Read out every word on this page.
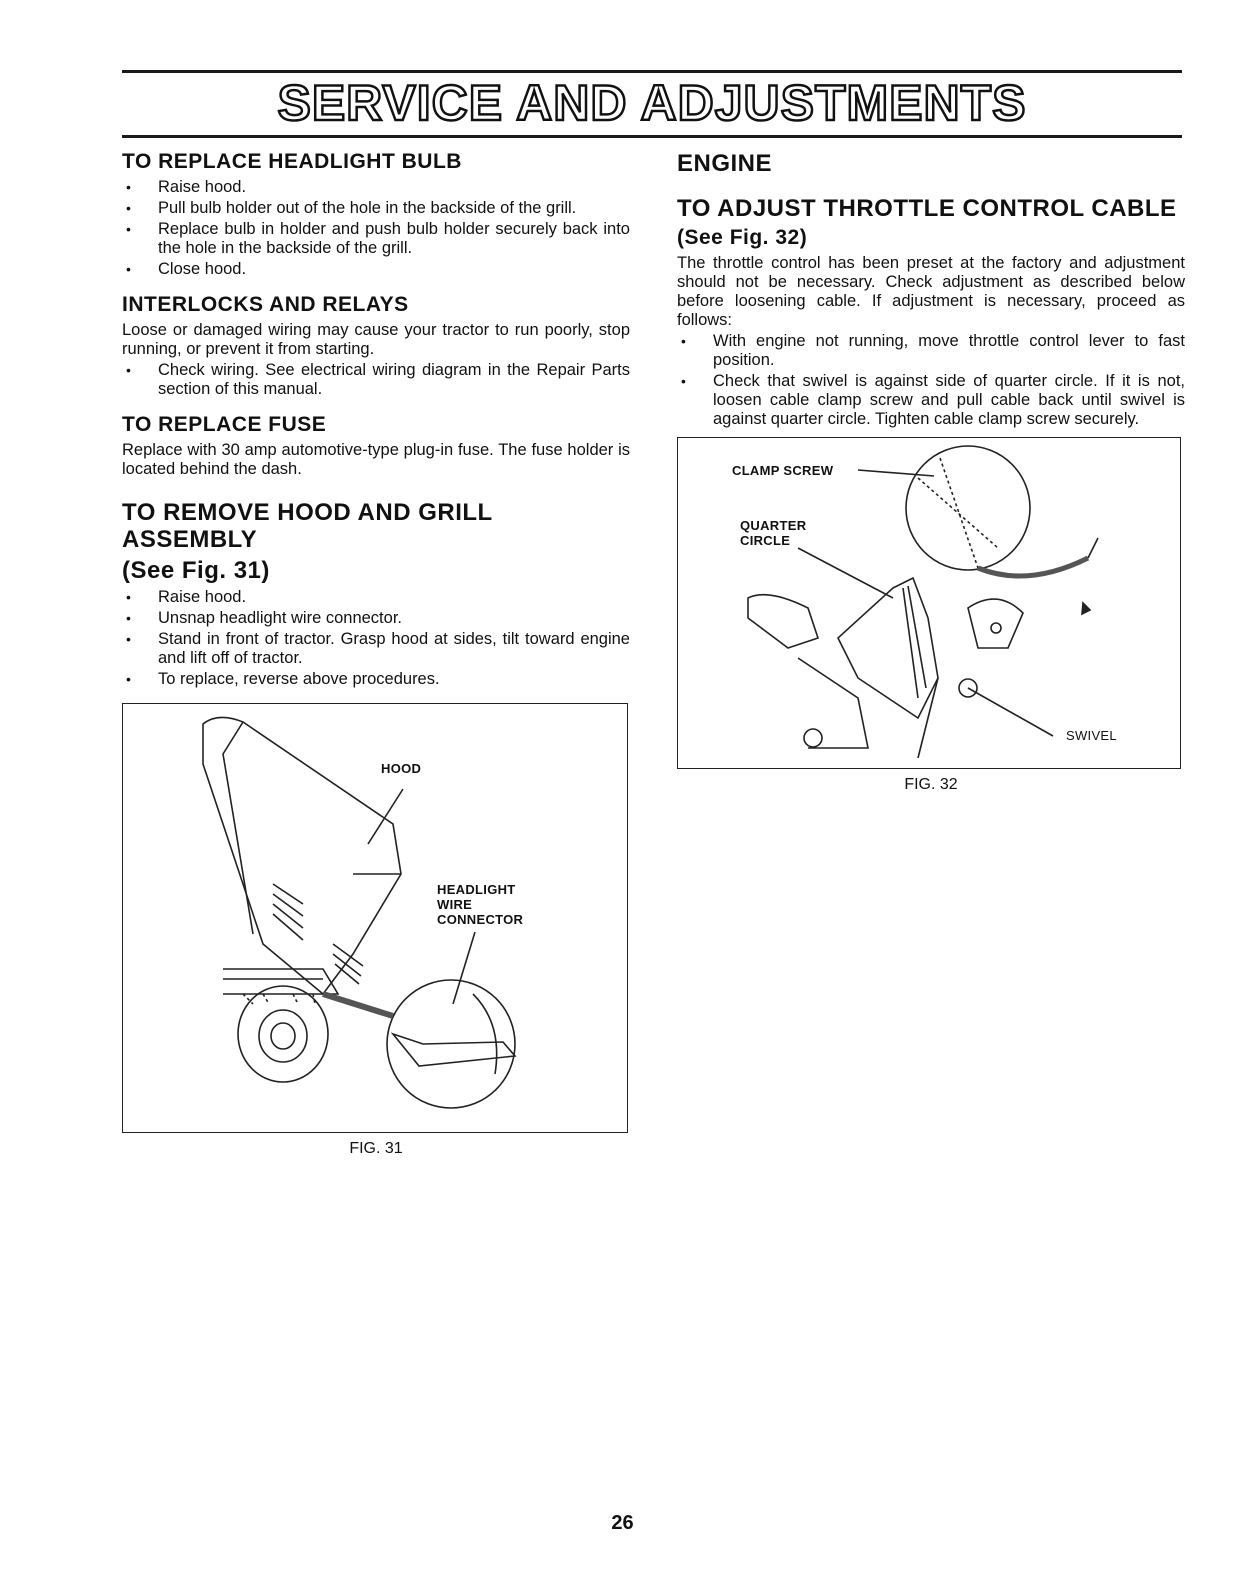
SERVICE AND ADJUSTMENTS
TO REPLACE HEADLIGHT BULB
• Raise hood.
• Pull bulb holder out of the hole in the backside of the grill.
• Replace bulb in holder and push bulb holder securely back into the hole in the backside of the grill.
• Close hood.
INTERLOCKS AND RELAYS

Loose or damaged wiring may cause your tractor to run poorly, stop running, or prevent it from starting.

• Check wiring. See electrical wiring diagram in the Repair Parts section of this manual.
TO REPLACE FUSE

Replace with 30 amp automotive-type plug-in fuse. The fuse holder is located behind the dash.

TO REMOVE HOOD AND GRILL ASSEMBLY
(See Fig. 31)
• Raise hood.
• Unsnap headlight wire connector.
• Stand in front of tractor. Grasp hood at sides, tilt toward engine and lift off of tractor.
• To replace, reverse above procedures.
HOOD
HEADLIGHT
WIRE
CONNECTOR
FIG. 31
ENGINE
TO ADJUST THROTTLE CONTROL CABLE
(See Fig. 32)

The throttle control has been preset at the factory and adjustment should not be necessary. Check adjustment as described below before loosening cable. If adjustment is necessary, proceed as follows:

• With engine not running, move throttle control lever to fast position.
• Check that swivel is against side of quarter circle. If it is not, loosen cable clamp screw and pull cable back until swivel is against quarter circle. Tighten cable clamp screw securely.
CLAMP SCREW
QUARTER
CIRCLE
SWIVEL
FIG. 32
26
